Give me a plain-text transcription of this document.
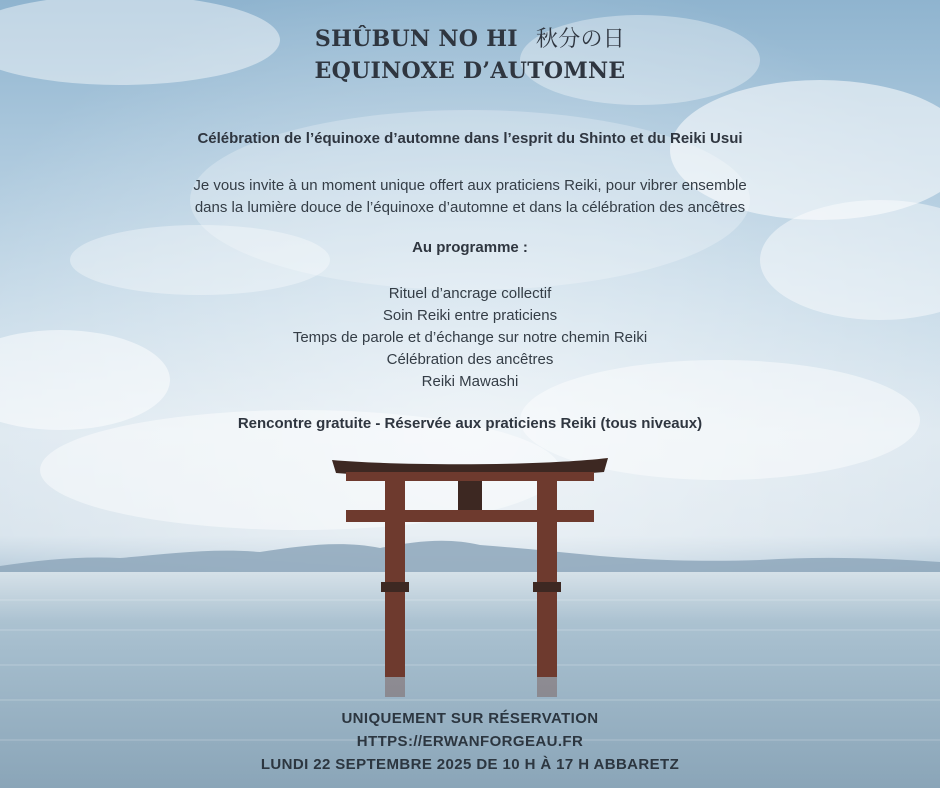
SHÛBUN NO HI 秋分の日
EQUINOXE D’AUTOMNE
Célébration de l’équinoxe d’automne dans l’esprit du Shinto et du Reiki Usui
Je vous invite à un moment unique offert aux praticiens Reiki, pour vibrer ensemble
dans la lumière douce de l’équinoxe d’automne et dans la célébration des ancêtres
Au programme :
Rituel d’ancrage collectif
Soin Reiki entre praticiens
Temps de parole et d’échange sur notre chemin Reiki
Célébration des ancêtres
Reiki Mawashi
Rencontre gratuite - Réservée aux praticiens Reiki (tous niveaux)
UNIQUEMENT SUR RÉSERVATION
HTTPS://ERWANFORGEAU.FR
LUNDI 22 SEPTEMBRE 2025 DE 10 H À 17 H ABBARETZ
